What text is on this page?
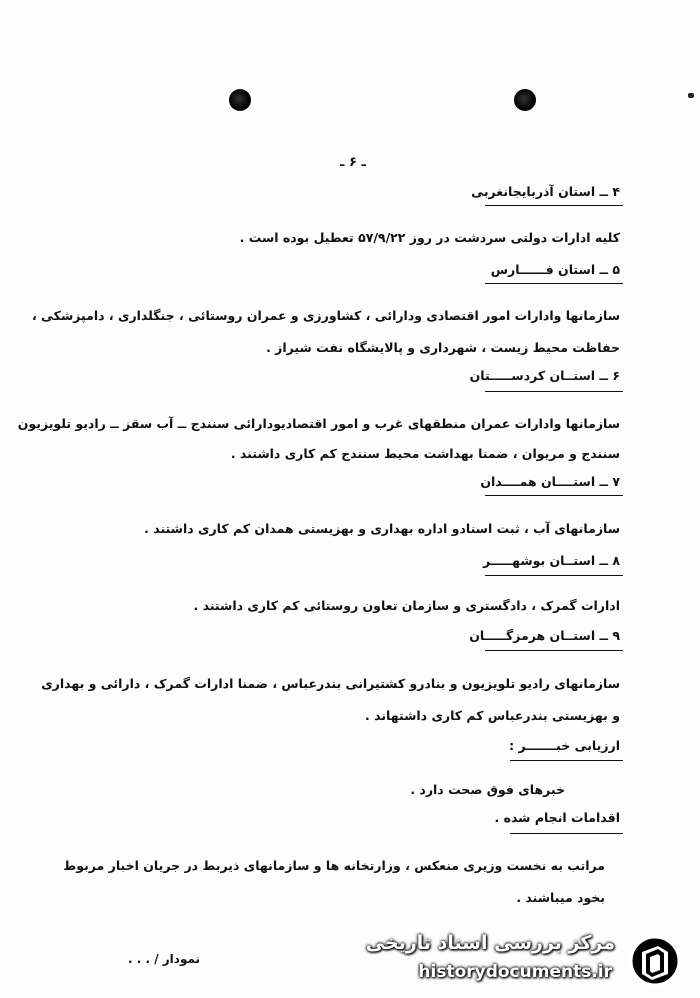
ـ ۶ ـ
۴ ــ استان آذربایجانغربی
کلیه ادارات دولتی سردشت در روز ۵۷/۹/۲۲ تعطیل بوده است .
۵ ــ استان فــــــارس
سازمانها وادارات امور اقتصادی ودارائی ، کشاورزی و عمران روستائی ، جنگلداری ، دامپزشکی ،
حفاظت محیط زیست ، شهرداری و پالایشگاه نفت شیراز .
۶ ــ استــان کردســـــتان
سازمانها وادارات عمران منطقهای غرب و امور اقتصادیودارائی سنندج ــ آب سقز ــ رادیو تلویزیون
سنندج و مریوان ، ضمنا بهداشت محیط سنندج کم کاری داشتند .
۷ ــ استــــان همــــدان
سازمانهای آب ، ثبت اسنادو اداره بهداری و بهزیستی همدان کم کاری داشتند .
۸ ــ استــان بوشهـــــر
ادارات گمرک ، دادگستری و سازمان تعاون روستائی کم کاری داشتند .
۹ ــ استــان هرمزگـــــان
سازمانهای رادیو تلویزیون و بنادرو کشتیرانی بندرعباس ، ضمنا ادارات گمرک ، دارائی و بهداری
و بهزیستی بندرعباس کم کاری داشتهاند .
ارزیابی خبـــــــر :
خبرهای فوق صحت دارد .
اقدامات انجام شده .
مراتب به نخست وزیری منعکس ، وزارتخانه ها و سازمانهای ذیربط در جریان اخبار مربوط
بخود میباشند .
نمودار / . . .
مرکز بررسی اسناد تاریخی
historydocuments.ir
